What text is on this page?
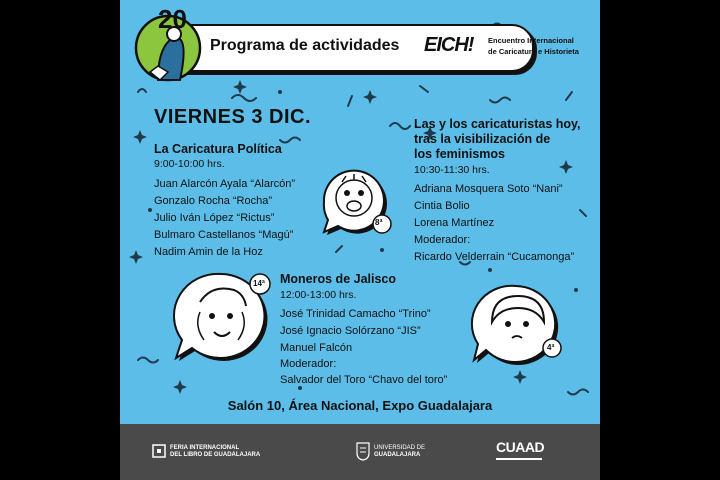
20
Programa de actividades EICH! Encuentro Internacional
de Caricatura e Historieta
VIERNES 3 DIC.
La Caricatura Política
9:00-10:00 hrs.
Juan Alarcón Ayala “Alarcón”
Gonzalo Rocha “Rocha”
Julio Iván López “Rictus”
Bulmaro Castellanos “Magú”
Nadim Amin de la Hoz
Las y los caricaturistas hoy,
tras la visibilización de
los feminismos
10:30-11:30 hrs.
Adriana Mosquera Soto “Nani”
Cintia Bolio
Lorena Martínez
Moderador:
Ricardo Velderrain “Cucamonga”
Moneros de Jalisco
12:00-13:00 hrs.
José Trinidad Camacho “Trino”
José Ignacio Solórzano “JIS”
Manuel Falcón
Moderador:
Salvador del Toro “Chavo del toro”
8ª
14ª
4ª
Salón 10, Área Nacional, Expo Guadalajara
FERIA INTERNACIONAL
DEL LIBRO DE GUADALAJARA
UNIVERSIDAD DE
GUADALAJARA	CUAAD
